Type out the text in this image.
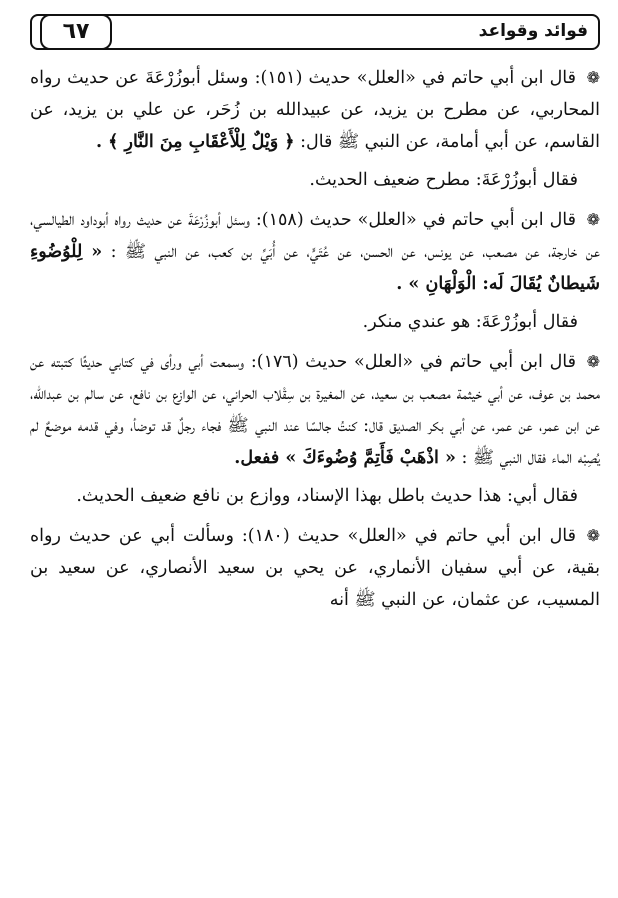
فوائد وقواعد
٦٧

❁قال ابن أبي حاتم في «العلل» حديث (١٥١): وسئل أبوزُرْعَةَ عن حديث رواه المحاربي، عن مطرح بن يزيد، عن عبيدالله بن زُحَر، عن علي بن يزيد، عن القاسم، عن أبي أمامة، عن النبي ﷺ قال: ﴿ وَيْلٌ لِلْأَعْقَابِ مِنَ النَّارِ ﴾ .

فقال أبوزُرْعَةَ: مطرح ضعيف الحديث.

❁قال ابن أبي حاتم في «العلل» حديث (١٥٨): وسئل أبوزُرْعَةَ عن حديث رواه أبوداود الطيالسي، عن خارجة، عن مصعب، عن يونس، عن الحسن، عن عُتَيٍّ، عن أُبَيِّ بن كعب، عن النبي ﷺ : « لِلْوُضُوءِ شَيطانٌ يُقَالَ لَه: الْوَلْهَانِ » .

فقال أبوزُرْعَةَ: هو عندي منكر.

❁قال ابن أبي حاتم في «العلل» حديث (١٧٦): وسمعت أبي ورأى في كتابي حديثًا كتبته عن محمد بن عوف، عن أبي خيثمة مصعب بن سعيد، عن المغيرة بن سِقْلاب الحراني، عن الوازع بن نافع، عن سالم بن عبدالله، عن ابن عمر، عن عمر، عن أبي بكر الصديق قال: كنتُ جالسًا عند النبي ﷺ فجاء رجلٌ قد توضأ، وفي قدمه موضعٌ لم يُصِبْه الماء فقال النبي ﷺ : « اذْهَبْ فَأَتِمَّ وُضُوءَكَ » ففعل.

فقال أبي: هذا حديث باطل بهذا الإسناد، ووازع بن نافع ضعيف الحديث.

❁قال ابن أبي حاتم في «العلل» حديث (١٨٠): وسألت أبي عن حديث رواه بقية، عن أبي سفيان الأنماري، عن يحي بن سعيد الأنصاري، عن سعيد بن المسيب، عن عثمان، عن النبي ﷺ أنه
